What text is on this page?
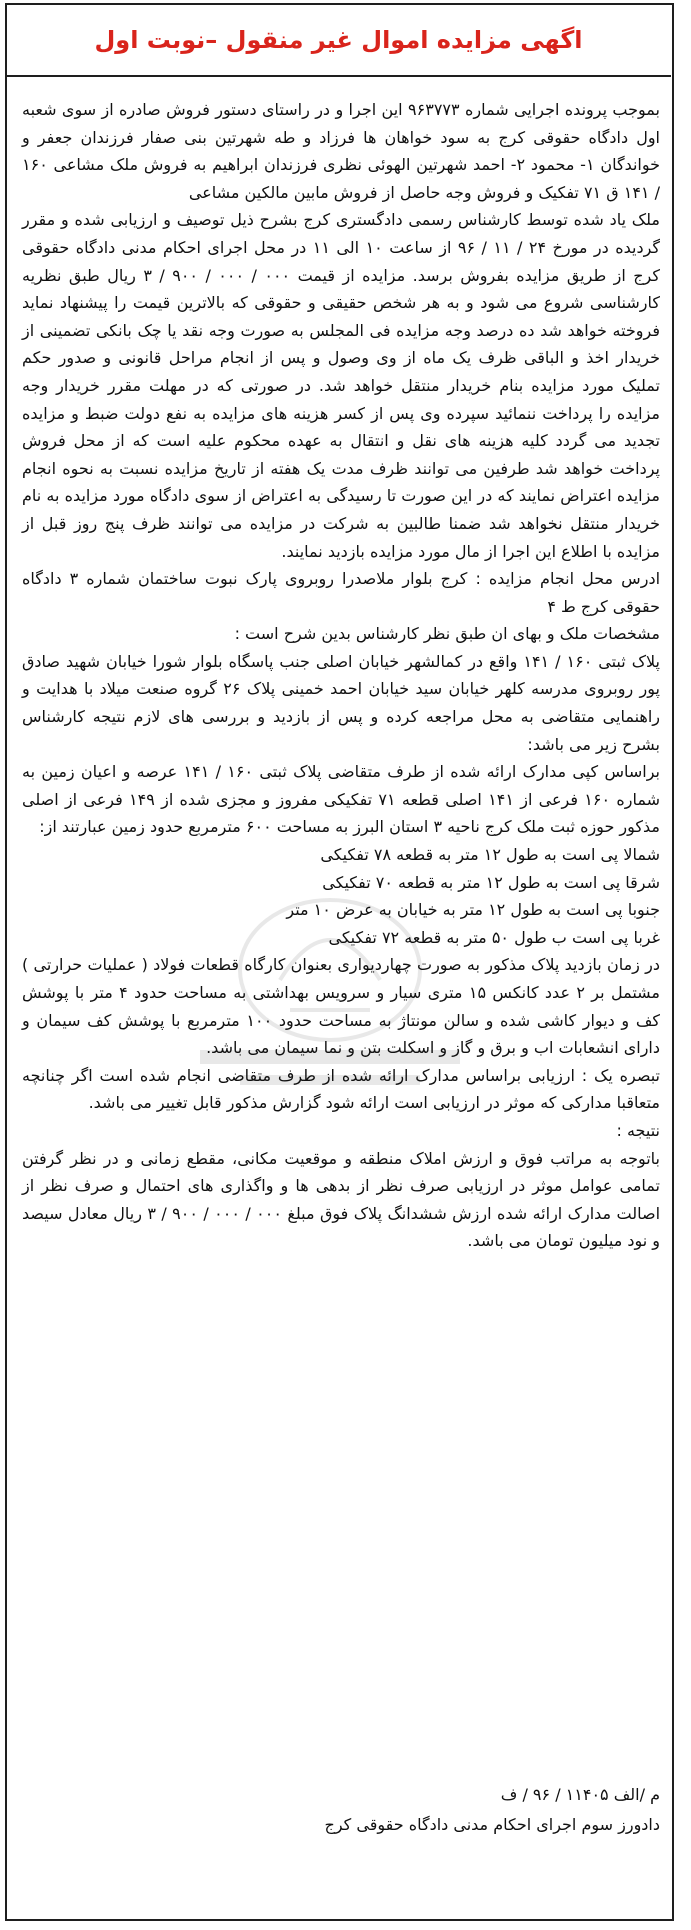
اگهی مزایده اموال غیر منقول –نوبت اول

بموجب پرونده اجرایی شماره ۹۶۳۷۷۳ این اجرا و در راستای دستور فروش صادره از سوی شعبه اول دادگاه حقوقی کرج به سود خواهان ها فرزاد و طه شهرتین بنی صفار فرزندان جعفر و خواندگان ۱- محمود ۲- احمد شهرتین الهوئی نظری فرزندان ابراهیم به فروش ملک مشاعی ۱۶۰ / ۱۴۱ ق ۷۱ تفکیک و فروش وجه حاصل از فروش مابین مالکین مشاعی

ملک یاد شده توسط کارشناس رسمی دادگستری کرج بشرح ذیل توصیف و ارزیابی شده و مقرر گردیده در مورخ ۲۴ / ۱۱ / ۹۶ از ساعت ۱۰ الی ۱۱ در محل اجرای احکام مدنی دادگاه حقوقی کرج از طریق مزایده بفروش برسد. مزایده از قیمت ۰۰۰ / ۰۰۰ / ۹۰۰ / ۳ ریال طبق نظریه کارشناسی شروع می شود و به هر شخص حقیقی و حقوقی که بالاترین قیمت را پیشنهاد نماید فروخته خواهد شد ده درصد وجه مزایده فی المجلس به صورت وجه نقد یا چک بانکی تضمینی از خریدار اخذ و الباقی ظرف یک ماه از وی وصول و پس از انجام مراحل قانونی و صدور حکم تملیک مورد مزایده بنام خریدار منتقل خواهد شد. در صورتی که در مهلت مقرر خریدار وجه مزایده را پرداخت ننمائید سپرده وی پس از کسر هزینه های مزایده به نفع دولت ضبط و مزایده تجدید می گردد کلیه هزینه های نقل و انتقال به عهده محکوم علیه است که از محل فروش پرداخت خواهد شد طرفین می توانند ظرف مدت یک هفته از تاریخ مزایده نسبت به نحوه انجام مزایده اعتراض نمایند که در این صورت تا رسیدگی به اعتراض از سوی دادگاه مورد مزایده به نام خریدار منتقل نخواهد شد ضمنا طالبین به شرکت در مزایده می توانند ظرف پنج روز قبل از مزایده با اطلاع این اجرا از مال مورد مزایده بازدید نمایند.

ادرس محل انجام مزایده : کرج بلوار ملاصدرا روبروی پارک نبوت ساختمان شماره ۳ دادگاه حقوقی کرج ط ۴

مشخصات ملک و بهای ان طبق نظر کارشناس بدین شرح است :

پلاک ثبتی ۱۶۰ / ۱۴۱ واقع در کمالشهر خیابان اصلی جنب پاسگاه بلوار شورا خیابان شهید صادق پور روبروی مدرسه کلهر خیابان سید خیابان احمد خمینی پلاک ۲۶ گروه صنعت میلاد با هدایت و راهنمایی متقاضی به محل مراجعه کرده و پس از بازدید و بررسی های لازم نتیجه کارشناس بشرح زیر می باشد:

براساس کپی مدارک ارائه شده از طرف متقاضی پلاک ثبتی ۱۶۰ / ۱۴۱ عرصه و اعیان زمین به شماره ۱۶۰ فرعی از ۱۴۱ اصلی قطعه ۷۱ تفکیکی مفروز و مجزی شده از ۱۴۹ فرعی از اصلی مذکور حوزه ثبت ملک کرج ناحیه ۳ استان البرز به مساحت ۶۰۰ مترمربع حدود زمین عبارتند از:

شمالا پی است به طول ۱۲ متر به قطعه ۷۸ تفکیکی

شرقا پی است به طول ۱۲ متر به قطعه ۷۰ تفکیکی

جنوبا پی است به طول ۱۲ متر به خیابان به عرض ۱۰ متر

غربا پی است ب طول ۵۰ متر به قطعه ۷۲ تفکیکی

در زمان بازدید پلاک مذکور به صورت چهاردیواری بعنوان کارگاه قطعات فولاد ( عملیات حرارتی ) مشتمل بر ۲ عدد کانکس ۱۵ متری سیار و سرویس بهداشتی به مساحت حدود ۴ متر با پوشش کف و دیوار کاشی شده و سالن مونتاژ به مساحت حدود ۱۰۰ مترمربع با پوشش کف سیمان و دارای انشعابات اب و برق و گاز و اسکلت بتن و نما سیمان می باشد.

تبصره یک : ارزیابی براساس مدارک ارائه شده از طرف متقاضی انجام شده است اگر چنانچه متعاقبا مدارکی که موثر در ارزیابی است ارائه شود گزارش مذکور قابل تغییر می باشد.

نتیجه :

باتوجه به مراتب فوق و ارزش املاک منطقه و موقعیت مکانی، مقطع زمانی و در نظر گرفتن تمامی عوامل موثر در ارزیابی صرف نظر از بدهی ها و واگذاری های احتمال و صرف نظر از اصالت مدارک ارائه شده ارزش ششدانگ پلاک فوق مبلغ ۰۰۰ / ۰۰۰ / ۹۰۰ / ۳ ریال معادل سیصد و نود میلیون تومان می باشد.

م /الف ۱۱۴۰۵ / ۹۶ / ف

دادورز سوم اجرای احکام مدنی دادگاه حقوقی کرج
